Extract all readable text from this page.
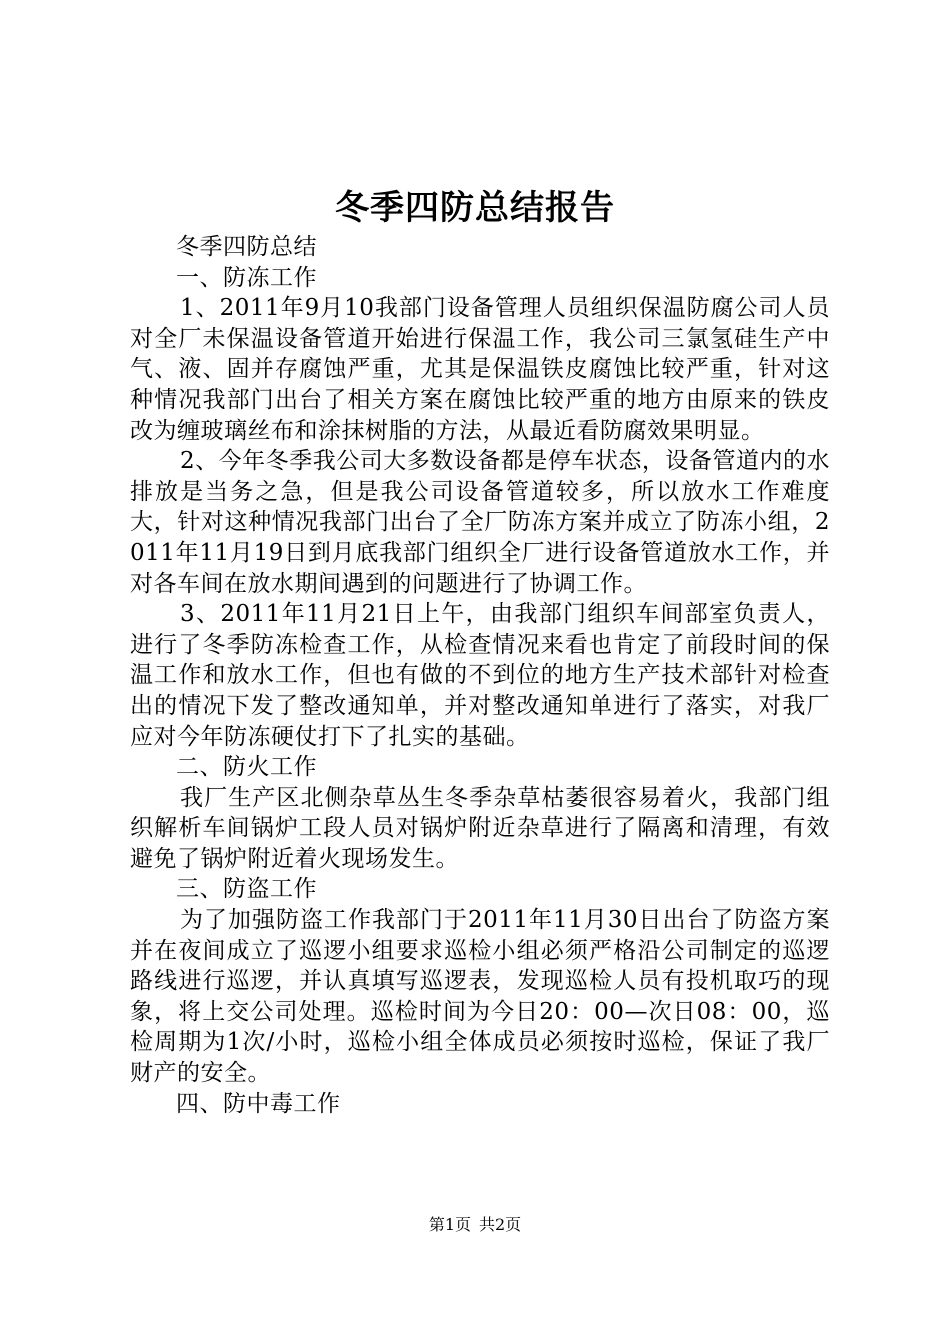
冬季四防总结报告

冬季四防总结

一、防冻工作

1、2011年9月10我部门设备管理人员组织保温防腐公司人员对全厂未保温设备管道开始进行保温工作，我公司三氯氢硅生产中气、液、固并存腐蚀严重，尤其是保温铁皮腐蚀比较严重，针对这种情况我部门出台了相关方案在腐蚀比较严重的地方由原来的铁皮改为缠玻璃丝布和涂抹树脂的方法，从最近看防腐效果明显。

2、今年冬季我公司大多数设备都是停车状态，设备管道内的水排放是当务之急，但是我公司设备管道较多，所以放水工作难度大，针对这种情况我部门出台了全厂防冻方案并成立了防冻小组，2011年11月19日到月底我部门组织全厂进行设备管道放水工作，并对各车间在放水期间遇到的问题进行了协调工作。

3、2011年11月21日上午，由我部门组织车间部室负责人，进行了冬季防冻检查工作，从检查情况来看也肯定了前段时间的保温工作和放水工作，但也有做的不到位的地方生产技术部针对检查出的情况下发了整改通知单，并对整改通知单进行了落实，对我厂应对今年防冻硬仗打下了扎实的基础。

二、防火工作

我厂生产区北侧杂草丛生冬季杂草枯萎很容易着火，我部门组织解析车间锅炉工段人员对锅炉附近杂草进行了隔离和清理，有效避免了锅炉附近着火现场发生。

三、防盗工作

为了加强防盗工作我部门于2011年11月30日出台了防盗方案并在夜间成立了巡逻小组要求巡检小组必须严格沿公司制定的巡逻路线进行巡逻，并认真填写巡逻表，发现巡检人员有投机取巧的现象，将上交公司处理。巡检时间为今日20：00—次日08：00，巡检周期为1次/小时，巡检小组全体成员必须按时巡检，保证了我厂财产的安全。

四、防中毒工作

第1页 共2页
